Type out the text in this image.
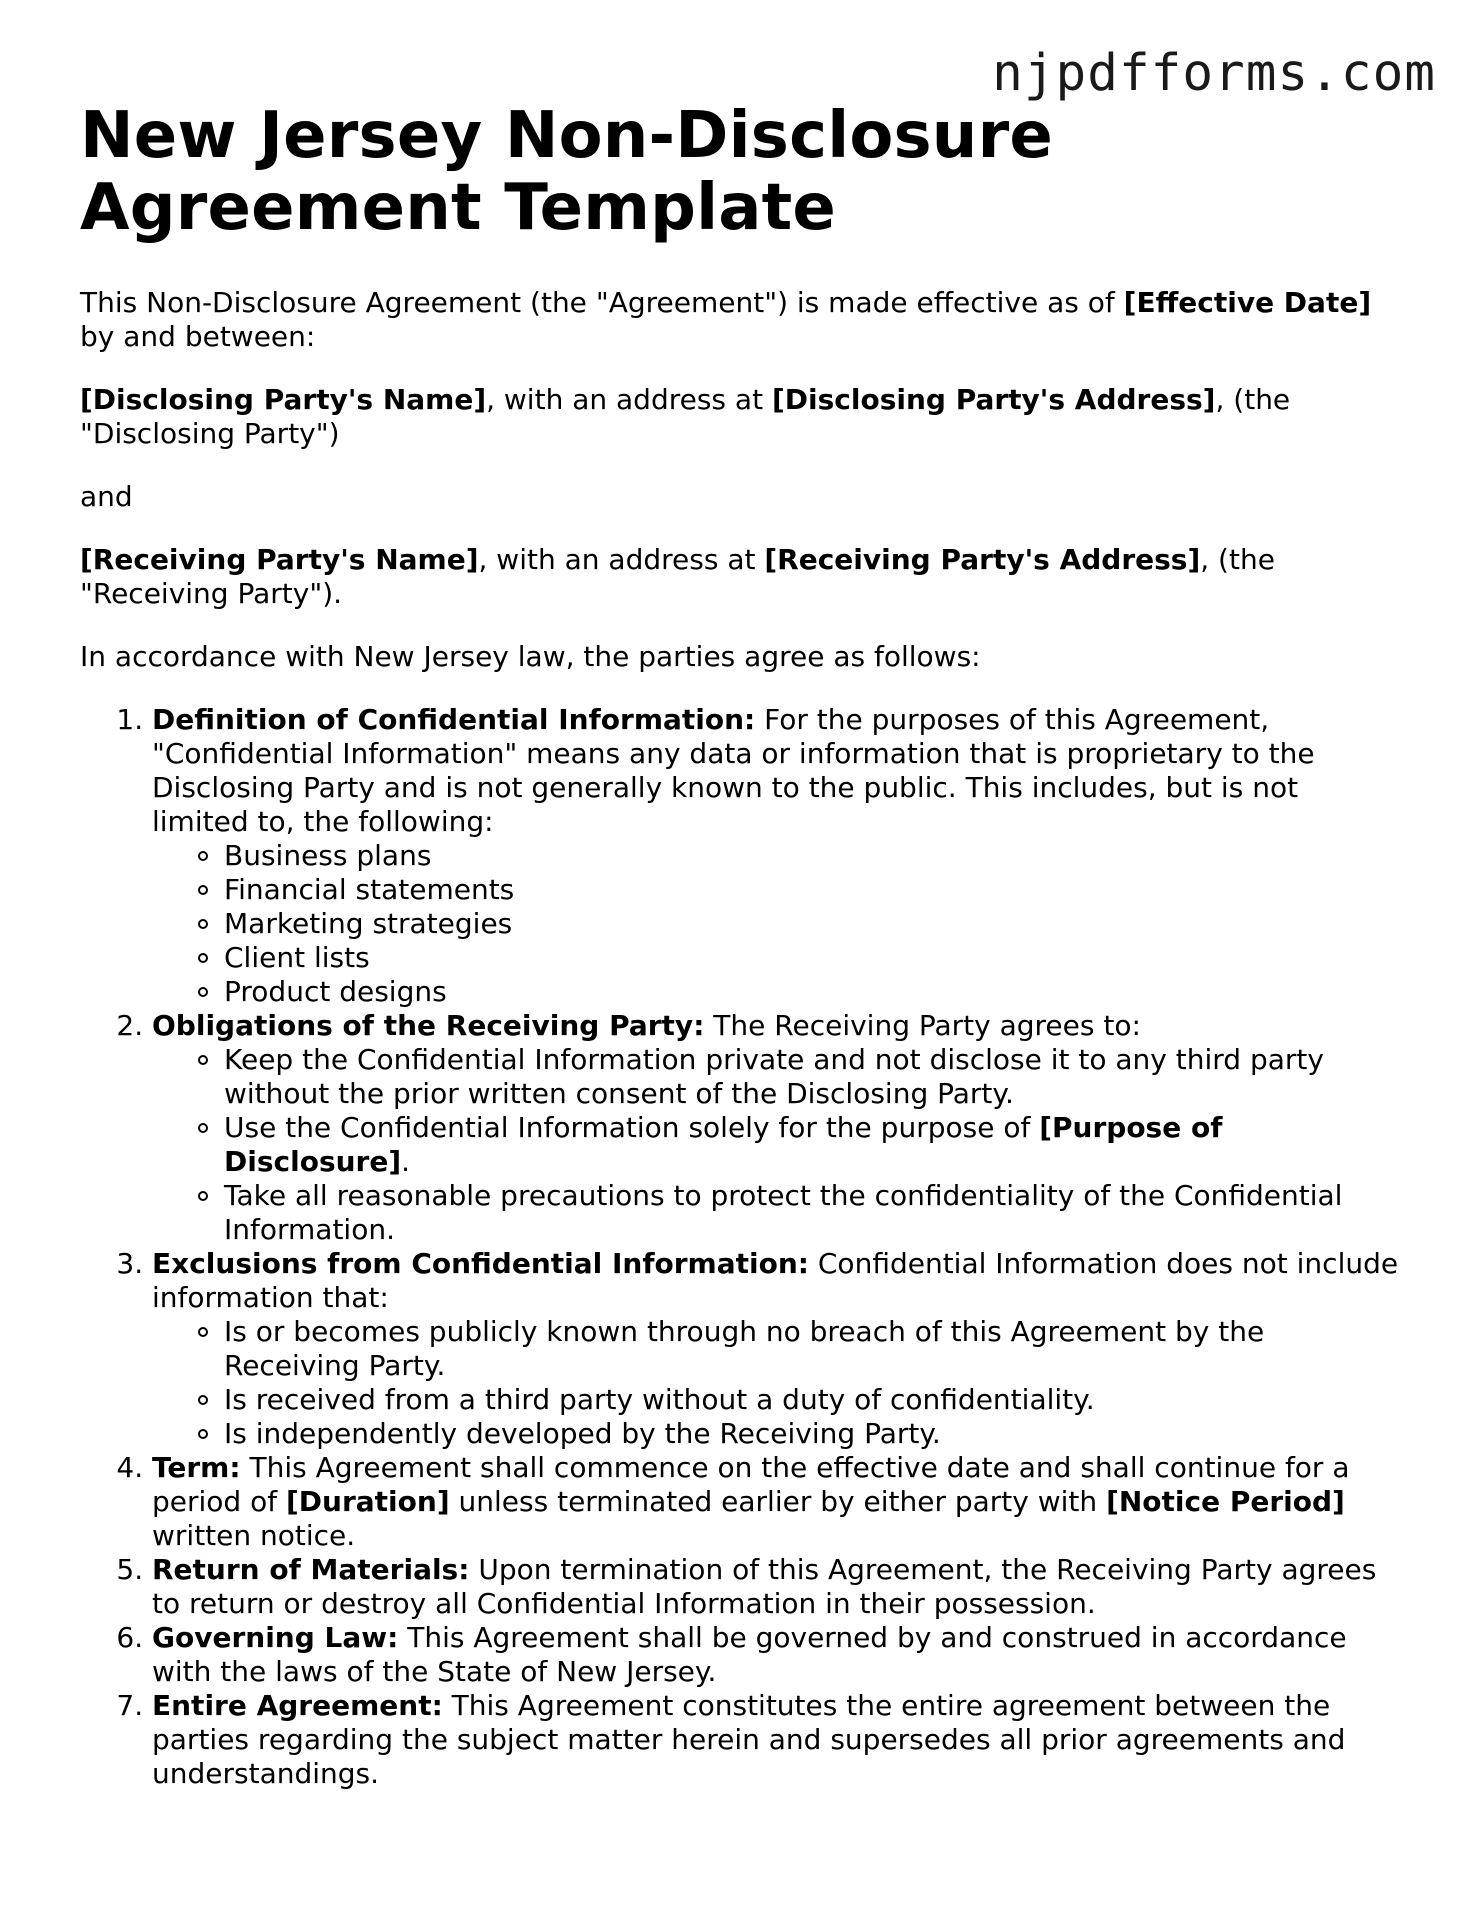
njpdfforms.com
New Jersey Non-Disclosure Agreement Template

This Non-Disclosure Agreement (the "Agreement") is made effective as of [Effective Date] by and between:

[Disclosing Party's Name], with an address at [Disclosing Party's Address], (the "Disclosing Party")

and

[Receiving Party's Name], with an address at [Receiving Party's Address], (the "Receiving Party").

In accordance with New Jersey law, the parties agree as follows:

1. Definition of Confidential Information: For the purposes of this Agreement, "Confidential Information" means any data or information that is proprietary to the Disclosing Party and is not generally known to the public. This includes, but is not limited to, the following:
Business plans
Financial statements
Marketing strategies
Client lists
Product designs
2. Obligations of the Receiving Party: The Receiving Party agrees to:
Keep the Confidential Information private and not disclose it to any third party without the prior written consent of the Disclosing Party.
Use the Confidential Information solely for the purpose of [Purpose of Disclosure].
Take all reasonable precautions to protect the confidentiality of the Confidential Information.
3. Exclusions from Confidential Information: Confidential Information does not include information that:
Is or becomes publicly known through no breach of this Agreement by the Receiving Party.
Is received from a third party without a duty of confidentiality.
Is independently developed by the Receiving Party.
4. Term: This Agreement shall commence on the effective date and shall continue for a period of [Duration] unless terminated earlier by either party with [Notice Period] written notice.
5. Return of Materials: Upon termination of this Agreement, the Receiving Party agrees to return or destroy all Confidential Information in their possession.
6. Governing Law: This Agreement shall be governed by and construed in accordance with the laws of the State of New Jersey.
7. Entire Agreement: This Agreement constitutes the entire agreement between the parties regarding the subject matter herein and supersedes all prior agreements and understandings.
